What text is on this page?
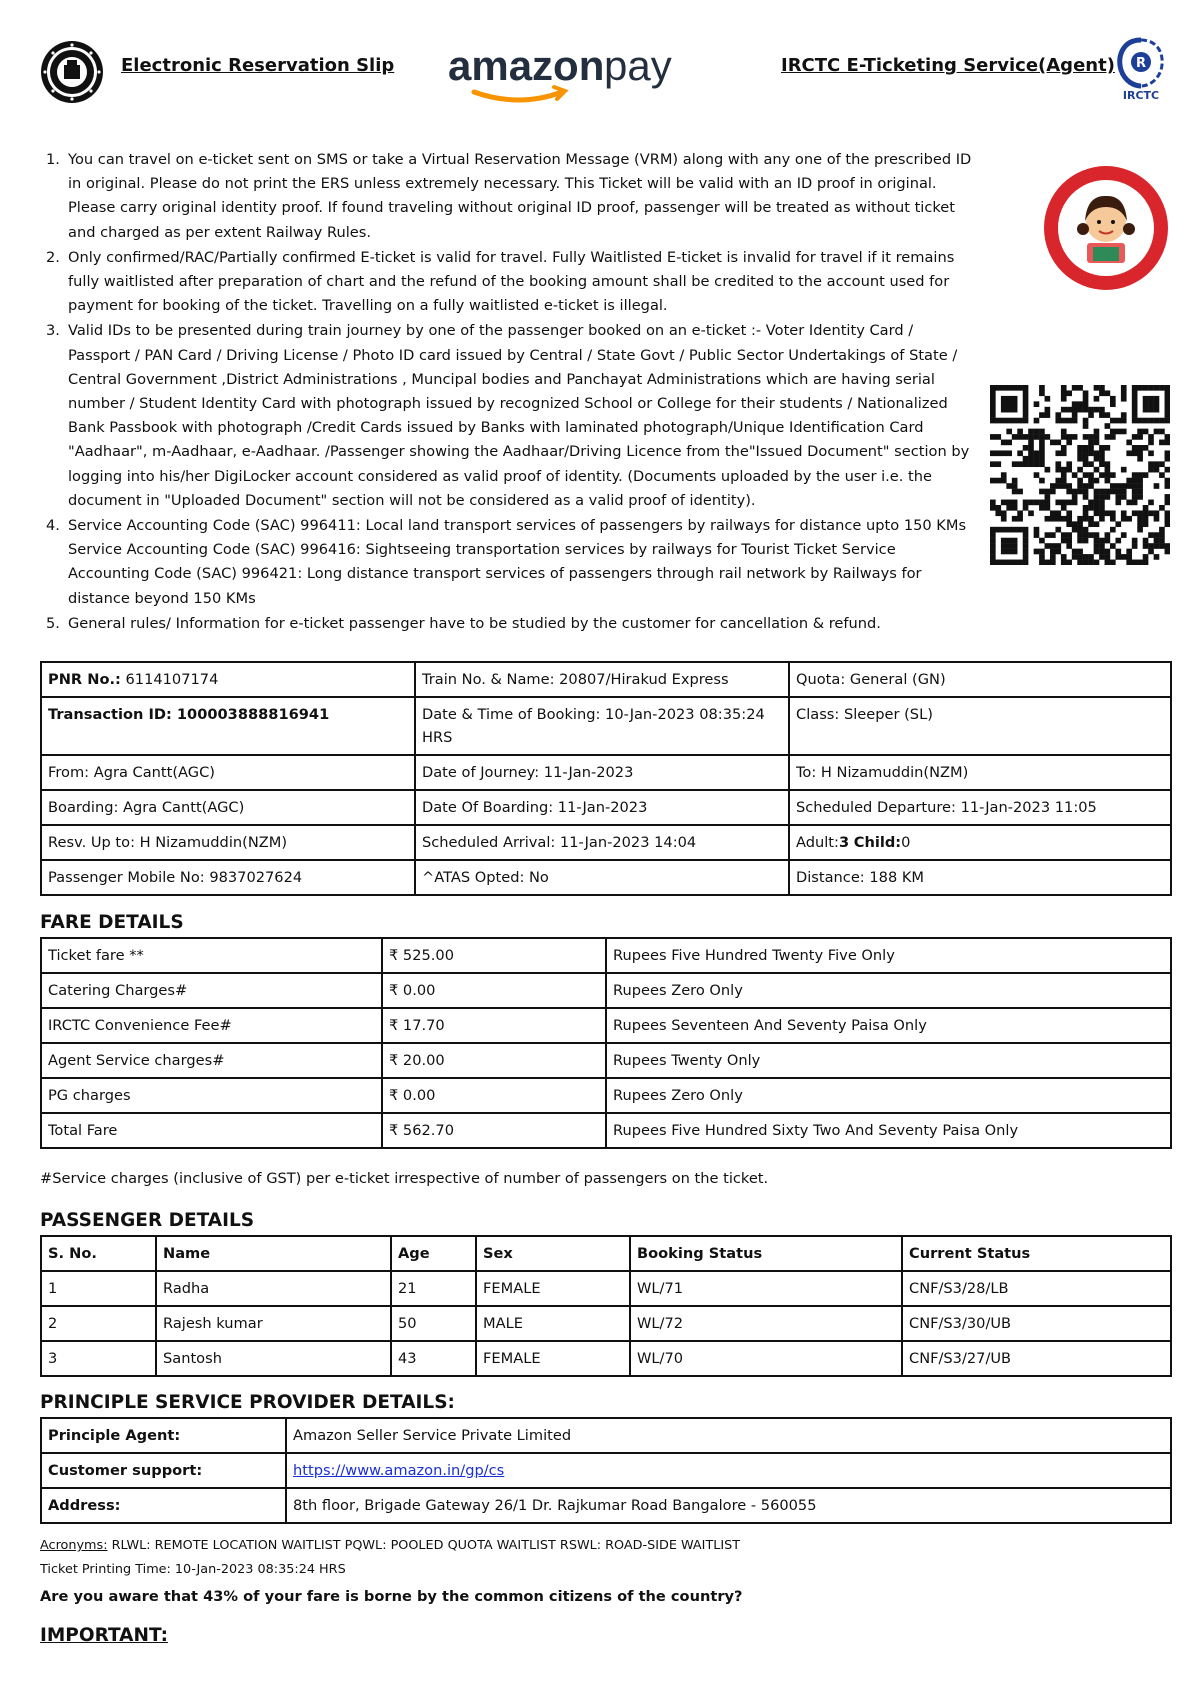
Electronic Reservation Slip amazon pay	IRCTC E-Ticketing Service(Agent) R
IRCTC
1. You can travel on e-ticket sent on SMS or take a Virtual Reservation Message (VRM) along with any one of the prescribed ID in original. Please do not print the ERS unless extremely necessary. This Ticket will be valid with an ID proof in original. Please carry original identity proof. If found traveling without original ID proof, passenger will be treated as without ticket and charged as per extent Railway Rules.
2. Only confirmed/RAC/Partially confirmed E-ticket is valid for travel. Fully Waitlisted E-ticket is invalid for travel if it remains fully waitlisted after preparation of chart and the refund of the booking amount shall be credited to the account used for payment for booking of the ticket. Travelling on a fully waitlisted e-ticket is illegal.
3. Valid IDs to be presented during train journey by one of the passenger booked on an e-ticket :- Voter Identity Card / Passport / PAN Card / Driving License / Photo ID card issued by Central / State Govt / Public Sector Undertakings of State / Central Government ,District Administrations , Muncipal bodies and Panchayat Administrations which are having serial number / Student Identity Card with photograph issued by recognized School or College for their students / Nationalized Bank Passbook with photograph /Credit Cards issued by Banks with laminated photograph/Unique Identification Card "Aadhaar", m-Aadhaar, e-Aadhaar. /Passenger showing the Aadhaar/Driving Licence from the"Issued Document" section by logging into his/her DigiLocker account considered as valid proof of identity. (Documents uploaded by the user i.e. the document in "Uploaded Document" section will not be considered as a valid proof of identity).
4. Service Accounting Code (SAC) 996411: Local land transport services of passengers by railways for distance upto 150 KMs Service Accounting Code (SAC) 996416: Sightseeing transportation services by railways for Tourist Ticket Service Accounting Code (SAC) 996421: Long distance transport services of passengers through rail network by Railways for distance beyond 150 KMs
5. General rules/ Information for e-ticket passenger have to be studied by the customer for cancellation & refund.
PNR No.: 6114107174	Train No. & Name: 20807/Hirakud Express	Quota: General (GN)
Transaction ID: 100003888816941	Date & Time of Booking: 10-Jan-2023 08:35:24 HRS	Class: Sleeper (SL)
From: Agra Cantt(AGC)	Date of Journey: 11-Jan-2023	To: H Nizamuddin(NZM)
Boarding: Agra Cantt(AGC)	Date Of Boarding: 11-Jan-2023	Scheduled Departure: 11-Jan-2023 11:05
Resv. Up to: H Nizamuddin(NZM)	Scheduled Arrival: 11-Jan-2023 14:04	Adult:3 Child:0
Passenger Mobile No: 9837027624	^ATAS Opted: No	Distance: 188 KM
FARE DETAILS
Ticket fare **	₹ 525.00	Rupees Five Hundred Twenty Five Only
Catering Charges#	₹ 0.00	Rupees Zero Only
IRCTC Convenience Fee#	₹ 17.70	Rupees Seventeen And Seventy Paisa Only
Agent Service charges#	₹ 20.00	Rupees Twenty Only
PG charges	₹ 0.00	Rupees Zero Only
Total Fare	₹ 562.70	Rupees Five Hundred Sixty Two And Seventy Paisa Only
#Service charges (inclusive of GST) per e-ticket irrespective of number of passengers on the ticket.
PASSENGER DETAILS
S. No.	Name	Age	Sex	Booking Status	Current Status
1	Radha	21	FEMALE	WL/71	CNF/S3/28/LB
2	Rajesh kumar	50	MALE	WL/72	CNF/S3/30/UB
3	Santosh	43	FEMALE	WL/70	CNF/S3/27/UB
PRINCIPLE SERVICE PROVIDER DETAILS:
Principle Agent:	Amazon Seller Service Private Limited
Customer support:	https://www.amazon.in/gp/cs
Address:	8th floor, Brigade Gateway 26/1 Dr. Rajkumar Road Bangalore - 560055
Acronyms: RLWL: REMOTE LOCATION WAITLIST PQWL: POOLED QUOTA WAITLIST RSWL: ROAD-SIDE WAITLIST
Ticket Printing Time: 10-Jan-2023 08:35:24 HRS
Are you aware that 43% of your fare is borne by the common citizens of the country?
IMPORTANT:
